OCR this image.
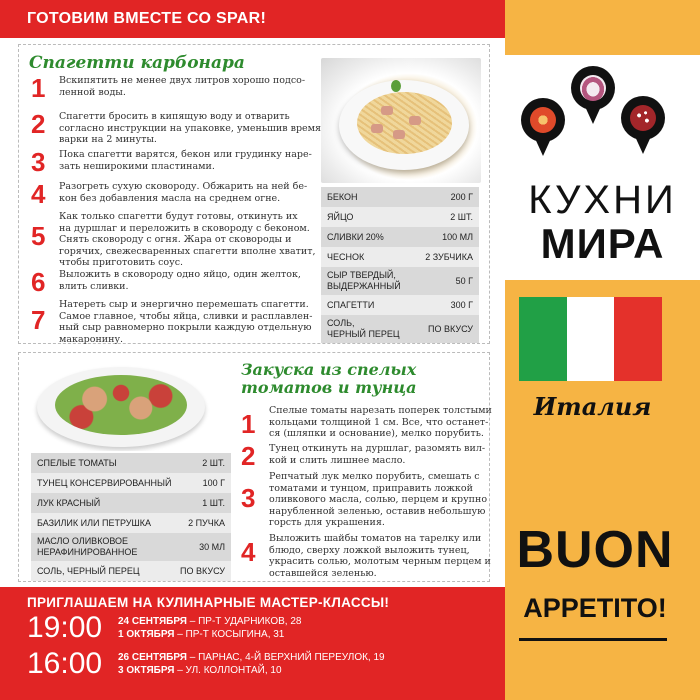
ГОТОВИМ ВМЕСТЕ СО SPAR!
Спагетти карбонара
1	Вскипятить не менее двух литров хорошо подсо-
ленной воды.
2	Спагетти бросить в кипящую воду и отварить
согласно инструкции на упаковке, уменьшив время
варки на 2 минуты.
3	Пока спагетти варятся, бекон или грудинку наре-
зать неширокими пластинами.
4	Разогреть сухую сковороду. Обжарить на ней бе-
кон без добавления масла на среднем огне.
5
Как только спагетти будут готовы, откинуть их
на дуршлаг и переложить в сковороду с беконом.
Снять сковороду с огня. Жара от сковороды и
горячих, свежесваренных спагетти вполне хватит,
чтобы приготовить соус.
6	Выложить в сковороду одно яйцо, один желток,
влить сливки.
7
Натереть сыр и энергично перемешать спагетти.
Самое главное, чтобы яйца, сливки и расплавлен-
ный сыр равномерно покрыли каждую отдельную
макаронину.
БЕКОН	200 Г
ЯЙЦО	2 ШТ.
СЛИВКИ 20%	100 МЛ
ЧЕСНОК	2 ЗУБЧИКА
СЫР ТВЕРДЫЙ,
ВЫДЕРЖАННЫЙ	50 Г
СПАГЕТТИ	300 Г
СОЛЬ,
ЧЕРНЫЙ ПЕРЕЦ	ПО ВКУСУ
Закуска из спелых
томатов и тунца
СПЕЛЫЕ ТОМАТЫ	2 ШТ.
ТУНЕЦ КОНСЕРВИРОВАННЫЙ	100 Г
ЛУК КРАСНЫЙ	1 ШТ.
БАЗИЛИК ИЛИ ПЕТРУШКА	2 ПУЧКА
МАСЛО ОЛИВКОВОЕ
НЕРАФИНИРОВАННОЕ	30 МЛ
СОЛЬ, ЧЕРНЫЙ ПЕРЕЦ	ПО ВКУСУ
1	Спелые томаты нарезать поперек толстыми
кольцами толщиной 1 см. Все, что останет-
ся (шляпки и основание), мелко порубить.
2	Тунец откинуть на дуршлаг, разомять вил-
кой и слить лишнее масло.
3
Репчатый лук мелко порубить, смешать с
томатами и тунцом, приправить ложкой
оливкового масла, солью, перцем и крупно
нарубленной зеленью, оставив небольшую
горсть для украшения.
4	Выложить шайбы томатов на тарелку или
блюдо, сверху ложкой выложить тунец,
украсить солью, молотым черным перцем и
оставшейся зеленью.
ПРИГЛАШАЕМ НА КУЛИНАРНЫЕ МАСТЕР-КЛАССЫ!
19:00 24 СЕНТЯБРЯ – ПР-Т УДАРНИКОВ, 28
1 ОКТЯБРЯ – ПР-Т КОСЫГИНА, 31
16:00 26 СЕНТЯБРЯ – ПАРНАС, 4-Й ВЕРХНИЙ ПЕРЕУЛОК, 19
3 ОКТЯБРЯ – УЛ. КОЛЛОНТАЙ, 10
КУХНИ
МИРА
Италия
BUON
APPETITO!
